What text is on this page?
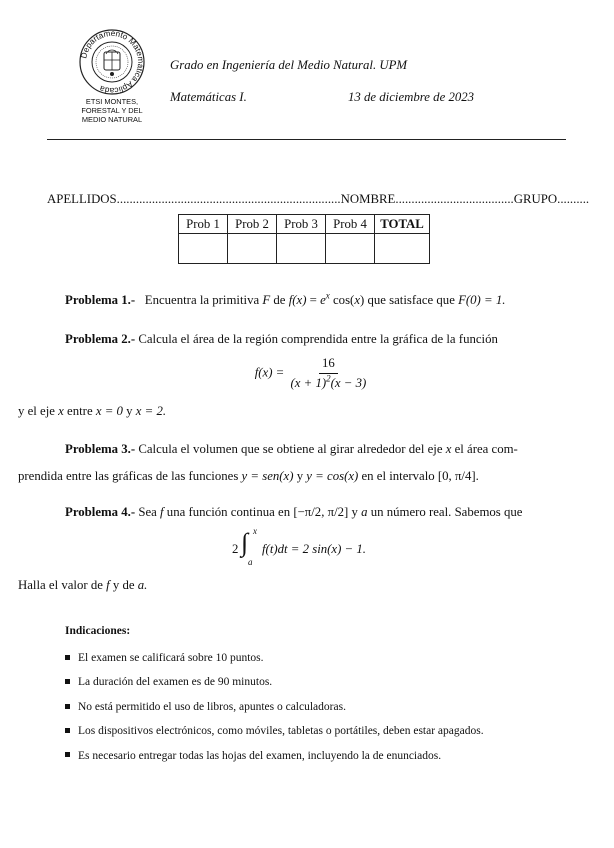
Departamento Matemática Aplicada
ETSI MONTES,
FORESTAL Y DEL
MEDIO NATURAL
Grado en Ingeniería del Medio Natural. UPM
Matemáticas I.	13 de diciembre de 2023
APELLIDOS......................................................................NOMBRE.....................................GRUPO..........
Prob 1	Prob 2	Prob 3	Prob 4	TOTAL

Problema 1.- Encuentra la primitiva F de $f(x) = e^x$ cos(x) que satisface que F(0) = 1.
Problema 2.- Calcula el área de la región comprendida entre la gráfica de la función
$f(x) = \frac{16}{(x + 1)^2(x - 3)}$
y el eje x entre x = 0 y x = 2.
Problema 3.- Calcula el volumen que se obtiene al girar alrededor del eje x el área com-
prendida entre las gráficas de las funciones y = sen(x) y y = cos(x) en el intervalo [0, π/4].
Problema 4.- Sea f una función continua en [−π/2, π/2] y a un número real. Sabemos que
2 ∫ x
a
f(t)dt = 2 sin(x) − 1.
Halla el valor de f y de a.
Indicaciones:
El examen se calificará sobre 10 puntos.
La duración del examen es de 90 minutos.
No está permitido el uso de libros, apuntes o calculadoras.
Los dispositivos electrónicos, como móviles, tabletas o portátiles, deben estar apagados.
Es necesario entregar todas las hojas del examen, incluyendo la de enunciados.
